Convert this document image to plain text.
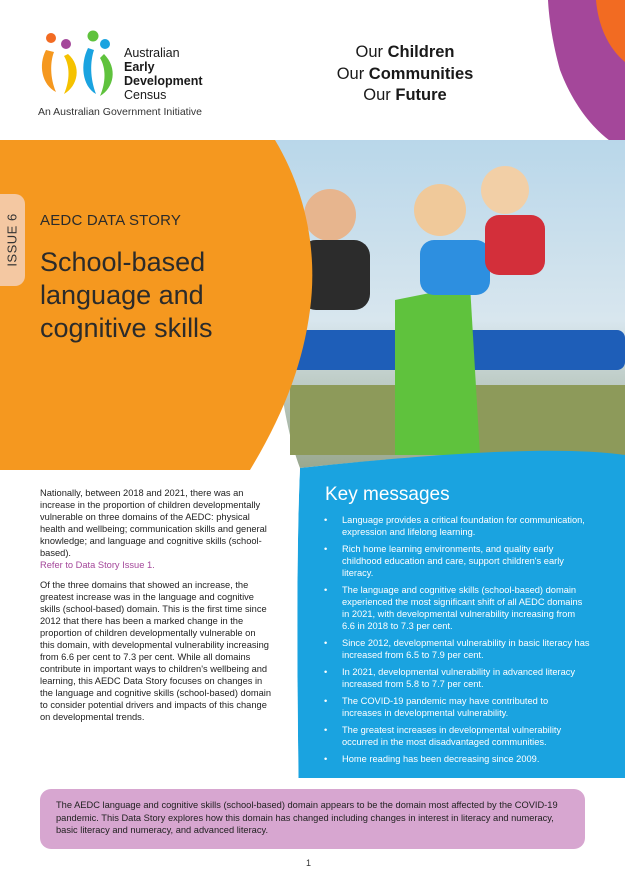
Australian
Early
Development
Census
An Australian Government Initiative
Our Children
Our Communities
Our Future
ISSUE 6 AEDC DATA STORY
School-based language and cognitive skills

Nationally, between 2018 and 2021, there was an increase in the proportion of children developmentally vulnerable on three domains of the AEDC: physical health and wellbeing; communication skills and general knowledge; and language and cognitive skills (school-based).
Refer to Data Story Issue 1.

Of the three domains that showed an increase, the greatest increase was in the language and cognitive skills (school-based) domain. This is the first time since 2012 that there has been a marked change in the proportion of children developmentally vulnerable on this domain, with developmental vulnerability increasing from 6.6 per cent to 7.3 per cent. While all domains contribute in important ways to children's wellbeing and learning, this AEDC Data Story focuses on changes in the language and cognitive skills (school-based) domain to consider potential drivers and impacts of this change on developmental trends.

Key messages
• Language provides a critical foundation for communication, expression and lifelong learning.
• Rich home learning environments, and quality early childhood education and care, support children's early literacy.
• The language and cognitive skills (school-based) domain experienced the most significant shift of all AEDC domains in 2021, with developmental vulnerability increasing from 6.6 in 2018 to 7.3 per cent.
• Since 2012, developmental vulnerability in basic literacy has increased from 6.5 to 7.9 per cent.
• In 2021, developmental vulnerability in advanced literacy increased from 5.8 to 7.7 per cent.
• The COVID-19 pandemic may have contributed to increases in developmental vulnerability.
• The greatest increases in developmental vulnerability occurred in the most disadvantaged communities.
• Home reading has been decreasing since 2009.
The AEDC language and cognitive skills (school-based) domain appears to be the domain most affected by the COVID-19 pandemic. This Data Story explores how this domain has changed including changes in interest in literacy and numeracy, basic literacy and numeracy, and advanced literacy.
1
